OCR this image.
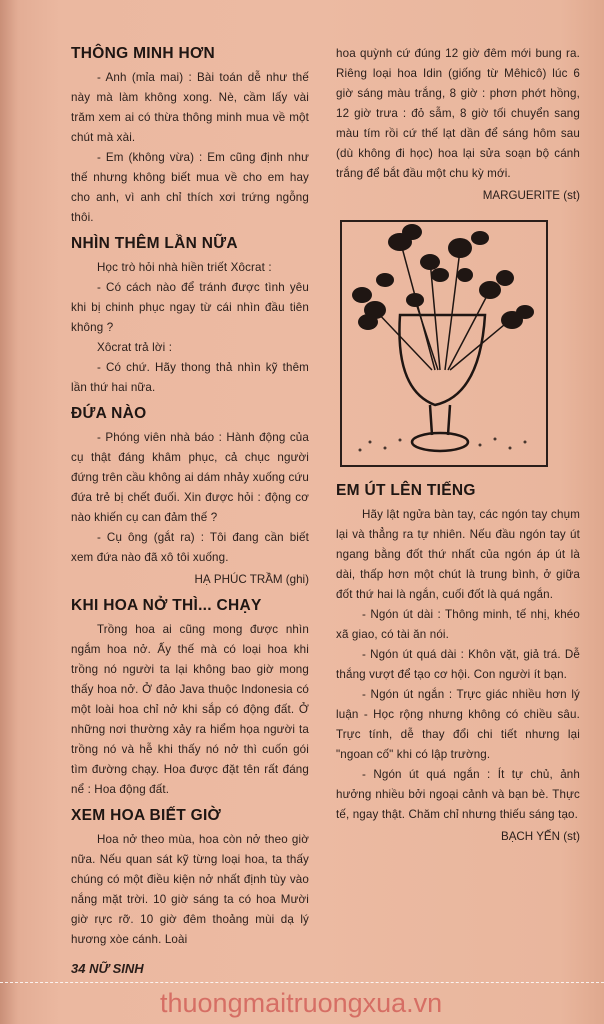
THÔNG MINH HƠN

- Anh (mỉa mai) : Bài toán dễ như thế này mà làm không xong. Nè, cầm lấy vài trăm xem ai có thừa thông minh mua về một chút mà xài.

- Em (không vừa) : Em cũng định như thế nhưng không biết mua về cho em hay cho anh, vì anh chỉ thích xơi trứng ngỗng thôi.

NHÌN THÊM LẦN NỮA

Học trò hỏi nhà hiền triết Xôcrat :

- Có cách nào để tránh được tình yêu khi bị chinh phục ngay từ cái nhìn đầu tiên không ?

Xôcrat trả lời :

- Có chứ. Hãy thong thả nhìn kỹ thêm lần thứ hai nữa.

ĐỨA NÀO

- Phóng viên nhà báo : Hành động của cụ thật đáng khâm phục, cả chục người đứng trên cầu không ai dám nhảy xuống cứu đứa trẻ bị chết đuối. Xin được hỏi : động cơ nào khiến cụ can đảm thế ?

- Cụ ông (gắt ra) : Tôi đang cần biết xem đứa nào đã xô tôi xuống.

HẠ PHÚC TRẦM (ghi)
KHI HOA NỞ THÌ... CHẠY

Trồng hoa ai cũng mong được nhìn ngắm hoa nở. Ấy thế mà có loại hoa khi trồng nó người ta lại không bao giờ mong thấy hoa nở. Ở đảo Java thuộc Indonesia có một loài hoa chỉ nở khi sắp có động đất. Ở những nơi thường xảy ra hiểm họa người ta trồng nó và hễ khi thấy nó nở thì cuốn gói tìm đường chạy. Hoa được đặt tên rất đáng nể : Hoa động đất.

XEM HOA BIẾT GIỜ

Hoa nở theo mùa, hoa còn nở theo giờ nữa. Nếu quan sát kỹ từng loại hoa, ta thấy chúng có một điều kiện nở nhất định tùy vào nắng mặt trời. 10 giờ sáng ta có hoa Mười giờ rực rỡ. 10 giờ đêm thoảng mùi dạ lý hương xòe cánh. Loài

34 NỮ SINH

hoa quỳnh cứ đúng 12 giờ đêm mới bung ra. Riêng loại hoa Idin (giống từ Mêhicô) lúc 6 giờ sáng màu trắng, 8 giờ : phơn phớt hồng, 12 giờ trưa : đỏ sẫm, 8 giờ tối chuyển sang màu tím rồi cứ thế lạt dần để sáng hôm sau (dù không đi học) hoa lại sửa soạn bộ cánh trắng để bắt đầu một chu kỳ mới.

MARGUERITE (st)
EM ÚT LÊN TIẾNG

Hãy lật ngửa bàn tay, các ngón tay chụm lại và thẳng ra tự nhiên. Nếu đầu ngón tay út ngang bằng đốt thứ nhất của ngón áp út là dài, thấp hơn một chút là trung bình, ở giữa đốt thứ hai là ngắn, cuối đốt là quá ngắn.

- Ngón út dài : Thông minh, tế nhị, khéo xã giao, có tài ăn nói.

- Ngón út quá dài : Khôn vặt, giả trá. Dễ thắng vượt để tạo cơ hội. Con người ít bạn.

- Ngón út ngắn : Trực giác nhiều hơn lý luận - Học rộng nhưng không có chiều sâu. Trực tính, dễ thay đổi chi tiết nhưng lại "ngoan cố" khi có lập trường.

- Ngón út quá ngắn : Ít tự chủ, ảnh hưởng nhiều bởi ngoại cảnh và bạn bè. Thực tế, ngay thật. Chăm chỉ nhưng thiếu sáng tạo.

BẠCH YẾN (st)
thuongmaitruongxua.vn
